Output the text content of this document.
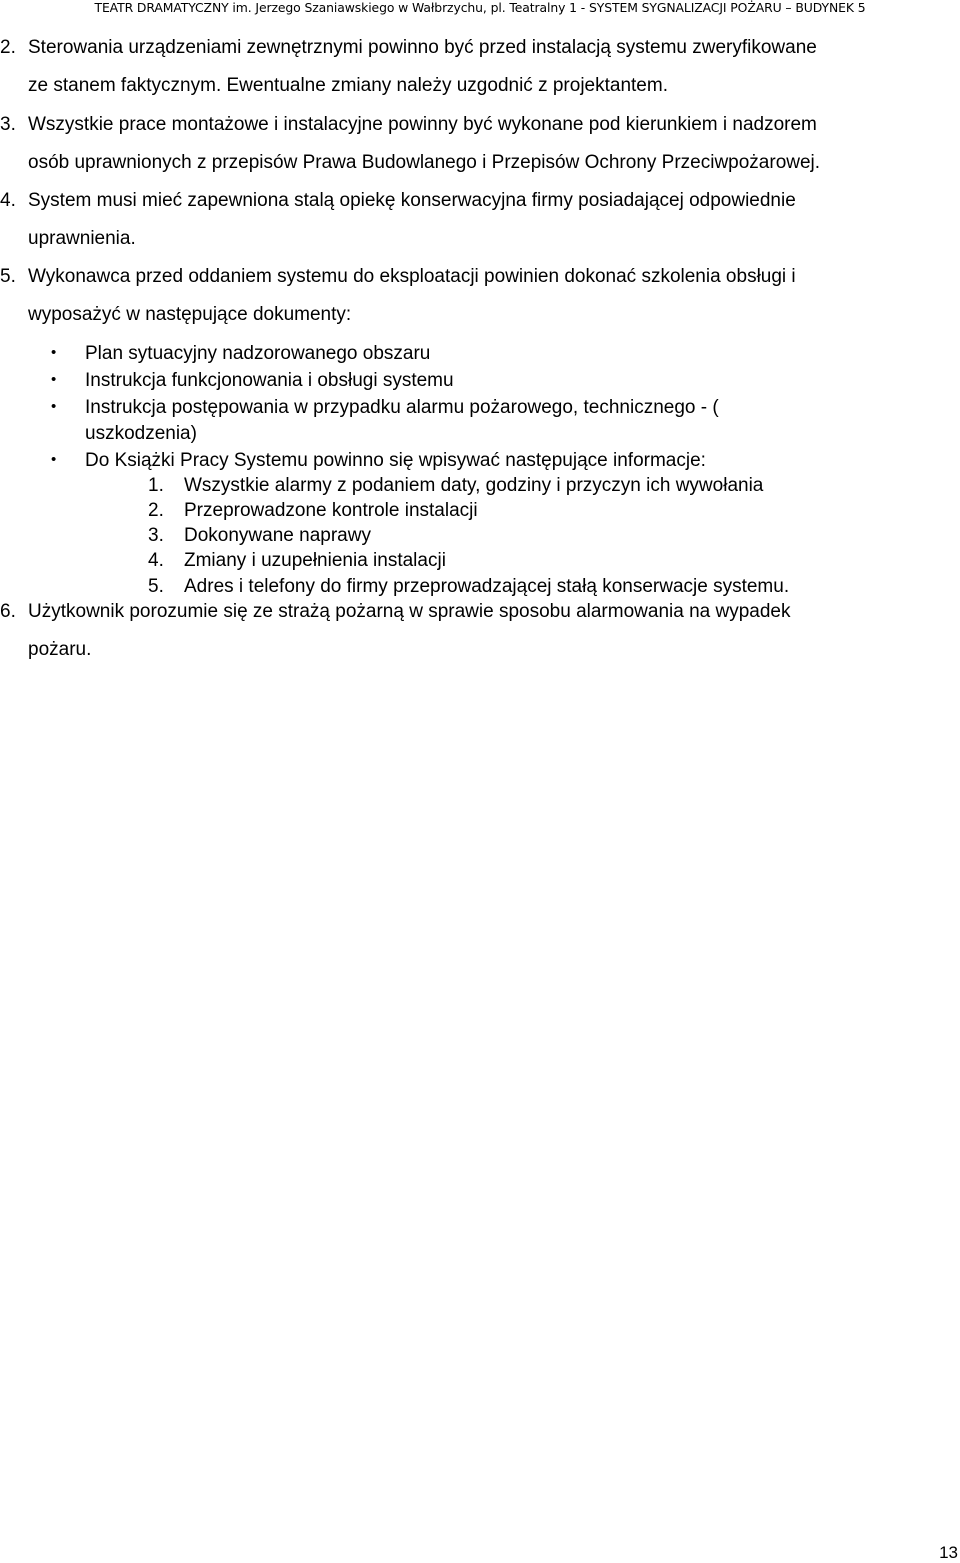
TEATR DRAMATYCZNY im. Jerzego Szaniawskiego w Wałbrzychu, pl. Teatralny 1 - SYSTEM SYGNALIZACJI POŻARU – BUDYNEK 5
2. Sterowania urządzeniami zewnętrznymi powinno być przed instalacją systemu zweryfikowane
ze stanem faktycznym. Ewentualne zmiany należy uzgodnić z projektantem.
3. Wszystkie prace montażowe i instalacyjne powinny być wykonane pod kierunkiem i nadzorem
osób uprawnionych z przepisów Prawa Budowlanego i Przepisów Ochrony Przeciwpożarowej.
4. System musi mieć zapewniona stalą opiekę konserwacyjna firmy posiadającej odpowiednie
uprawnienia.
5. Wykonawca przed oddaniem systemu do eksploatacji powinien dokonać szkolenia obsługi i
wyposażyć w następujące dokumenty:
• Plan sytuacyjny nadzorowanego obszaru
• Instrukcja funkcjonowania i obsługi systemu
• Instrukcja postępowania w przypadku alarmu pożarowego, technicznego - (
uszkodzenia)
• Do Książki Pracy Systemu powinno się wpisywać następujące informacje:
1. Wszystkie alarmy z podaniem daty, godziny i przyczyn ich wywołania
2. Przeprowadzone kontrole instalacji
3. Dokonywane naprawy
4. Zmiany i uzupełnienia instalacji
5. Adres i telefony do firmy przeprowadzającej stałą konserwacje systemu.
6. Użytkownik porozumie się ze strażą pożarną w sprawie sposobu alarmowania na wypadek
pożaru.
13
